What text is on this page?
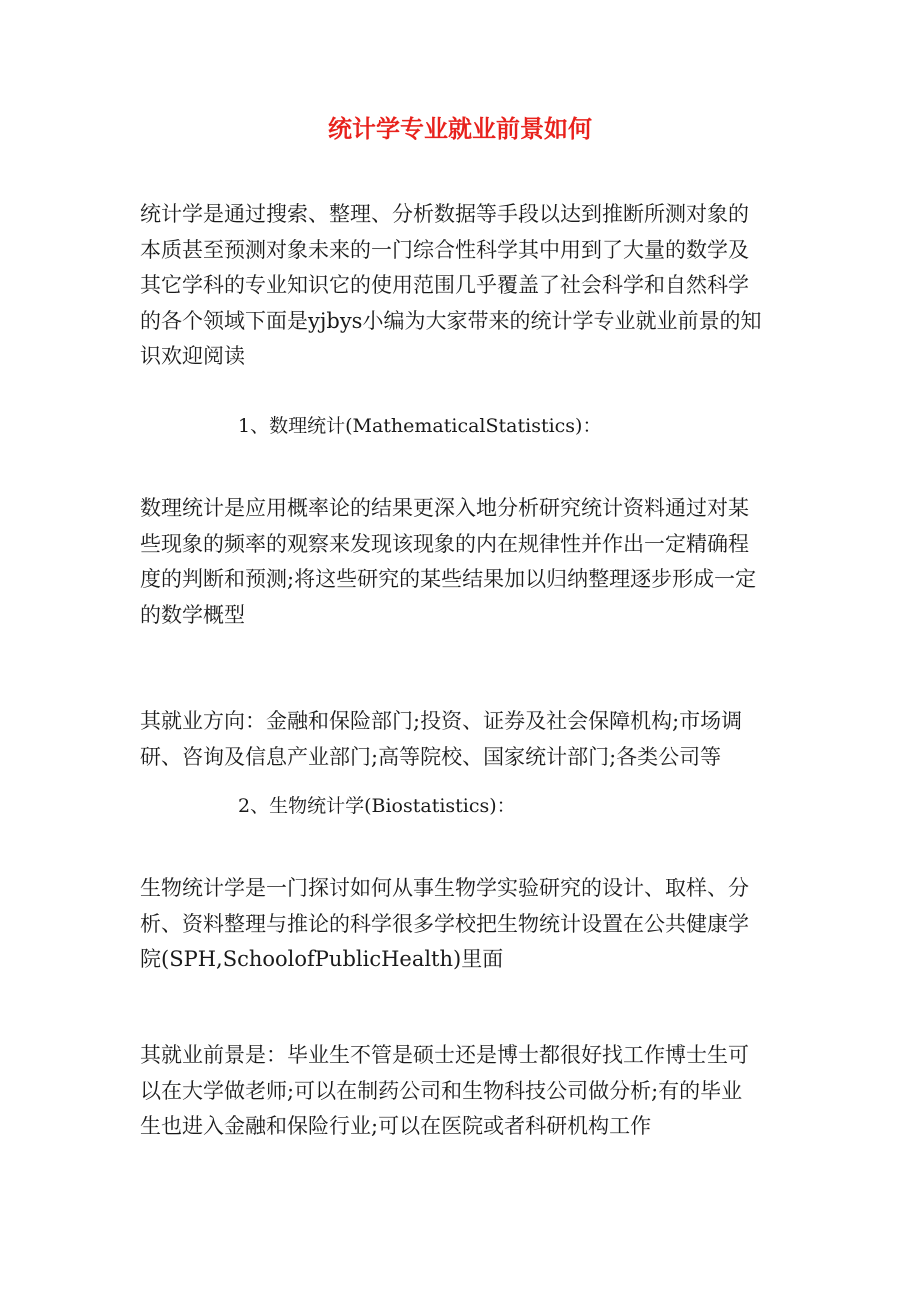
统计学专业就业前景如何
统计学是通过搜索、整理、分析数据等手段以达到推断所测对象的
本质甚至预测对象未来的一门综合性科学其中用到了大量的数学及
其它学科的专业知识它的使用范围几乎覆盖了社会科学和自然科学
的各个领域下面是yjbys小编为大家带来的统计学专业就业前景的知
识欢迎阅读
1、数理统计(MathematicalStatistics)：
数理统计是应用概率论的结果更深入地分析研究统计资料通过对某
些现象的频率的观察来发现该现象的内在规律性并作出一定精确程
度的判断和预测;将这些研究的某些结果加以归纳整理逐步形成一定
的数学概型
其就业方向：金融和保险部门;投资、证券及社会保障机构;市场调
研、咨询及信息产业部门;高等院校、国家统计部门;各类公司等
2、生物统计学(Biostatistics)：
生物统计学是一门探讨如何从事生物学实验研究的设计、取样、分
析、资料整理与推论的科学很多学校把生物统计设置在公共健康学
院(SPH,SchoolofPublicHealth)里面
其就业前景是：毕业生不管是硕士还是博士都很好找工作博士生可
以在大学做老师;可以在制药公司和生物科技公司做分析;有的毕业
生也进入金融和保险行业;可以在医院或者科研机构工作
